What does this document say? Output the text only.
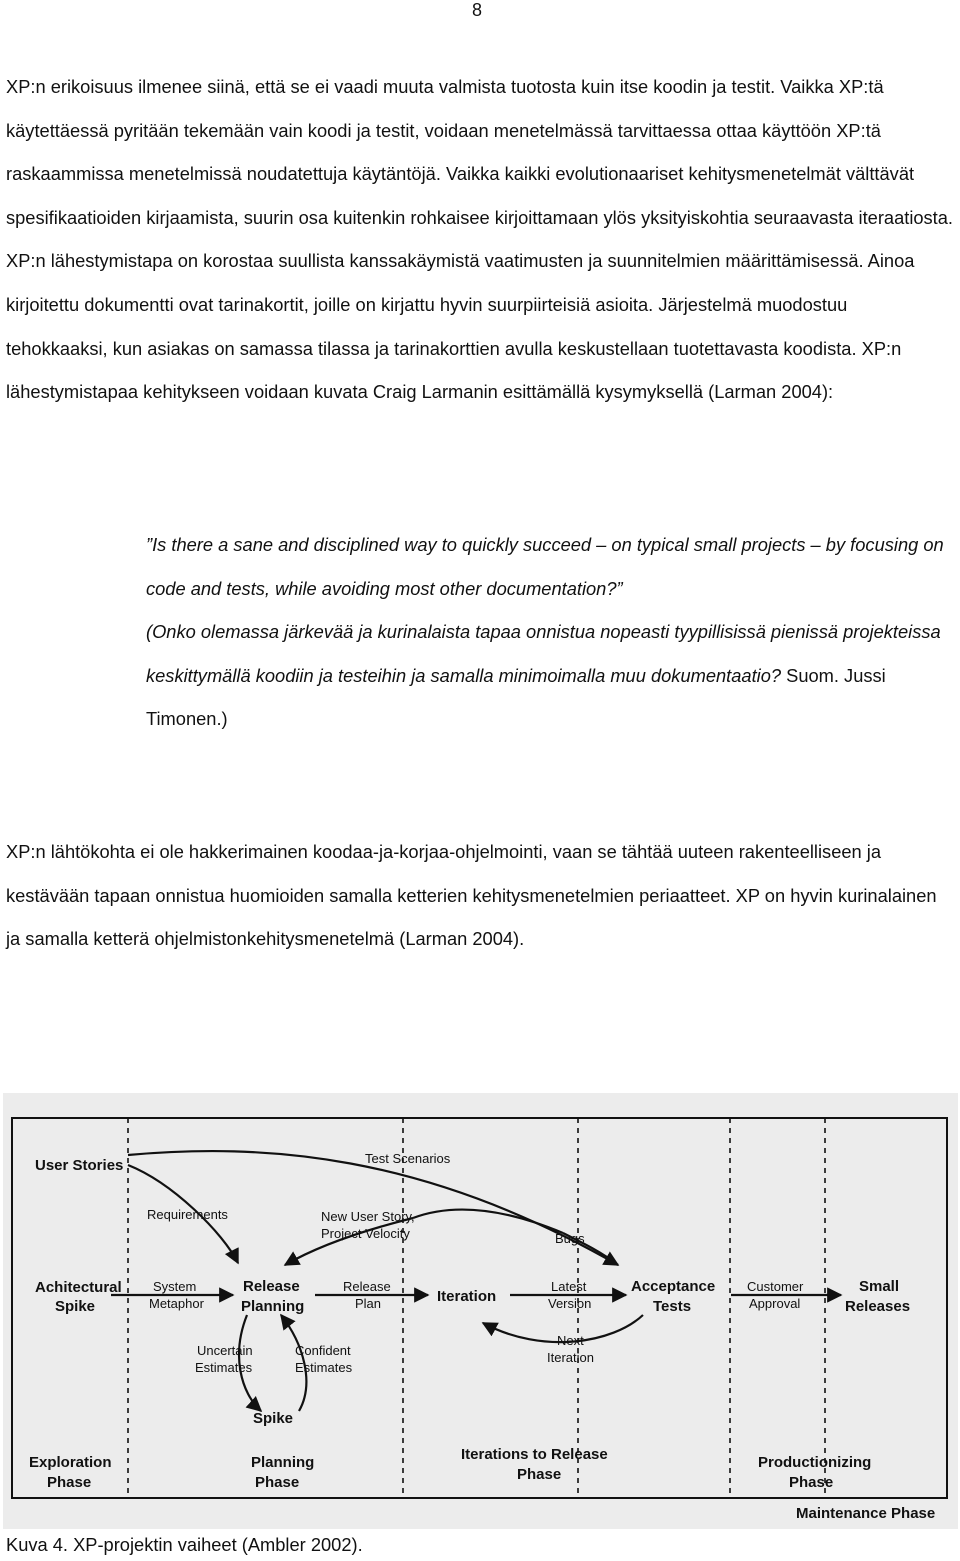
8

XP:n erikoisuus ilmenee siinä, että se ei vaadi muuta valmista tuotosta kuin itse koodin ja testit. Vaikka XP:tä käytettäessä pyritään tekemään vain koodi ja testit, voidaan menetelmässä tarvittaessa ottaa käyttöön XP:tä raskaammissa menetelmissä noudatettuja käytäntöjä. Vaikka kaikki evolutionaariset kehitysmenetelmät välttävät spesifikaatioiden kirjaamista, suurin osa kuitenkin rohkaisee kirjoittamaan ylös yksityiskohtia seuraavasta iteraatiosta. XP:n lähestymistapa on korostaa suullista kanssakäymistä vaatimusten ja suunnitelmien määrittämisessä. Ainoa kirjoitettu dokumentti ovat tarinakortit, joille on kirjattu hyvin suurpiirteisiä asioita. Järjestelmä muodostuu tehokkaaksi, kun asiakas on samassa tilassa ja tarinakorttien avulla keskustellaan tuotettavasta koodista. XP:n lähestymistapaa kehitykseen voidaan kuvata Craig Larmanin esittämällä kysymyksellä (Larman 2004):

”Is there a sane and disciplined way to quickly succeed – on typical small projects – by focusing on code and tests, while avoiding most other documentation?”

(Onko olemassa järkevää ja kurinalaista tapaa onnistua nopeasti tyypillisissä pienissä projekteissa keskittymällä koodiin ja testeihin ja samalla minimoimalla muu dokumentaatio? Suom. Jussi Timonen.)

XP:n lähtökohta ei ole hakkerimainen koodaa-ja-korjaa-ohjelmointi, vaan se tähtää uuteen rakenteelliseen ja kestävään tapaan onnistua huomioiden samalla ketterien kehitysmenetelmien periaatteet. XP on hyvin kurinalainen ja samalla ketterä ohjelmistonkehitysmenetelmä (Larman 2004).

User Stories
Requirements
Test Scenarios
New User Story,
Project Velocity	Bugs
Achitectural
Spike
System
Metaphor
Release
Planning
Release
Plan	Iteration
Latest
Version
Acceptance
Tests
Customer
Approval
Small
Releases
Next
Iteration
Uncertain
Estimates
Confident
Estimates
Spike
Exploration
Phase
Planning
Phase
Iterations to Release
Phase
Productionizing
Phase
Maintenance Phase
Kuva 4. XP-projektin vaiheet (Ambler 2002).
